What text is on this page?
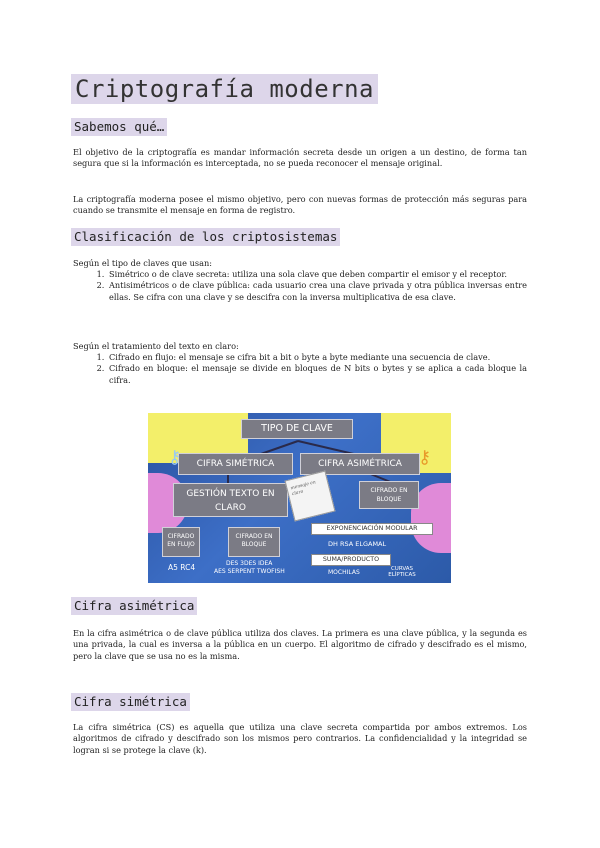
Criptografía moderna
Sabemos qué…

El objetivo de la criptografía es mandar información secreta desde un origen a un destino, de forma tan segura que si la información es interceptada, no se pueda reconocer el mensaje original.

La criptografía moderna posee el mismo objetivo, pero con nuevas formas de protección más seguras para cuando se transmite el mensaje en forma de registro.

Clasificación de los criptosistemas

Según el tipo de claves que usan:

1. Simétrico o de clave secreta: utiliza una sola clave que deben compartir el emisor y el receptor.
2. Antisimétricos o de clave pública: cada usuario crea una clave privada y otra pública inversas entre ellas. Se cifra con una clave y se descifra con la inversa multiplicativa de esa clave.

Según el tratamiento del texto en claro:

1. Cifrado en flujo: el mensaje se cifra bit a bit o byte a byte mediante una secuencia de clave.
2. Cifrado en bloque: el mensaje se divide en bloques de N bits o bytes y se aplica a cada bloque la cifra.
TIPO DE CLAVE
CIFRA SIMÉTRICA	CIFRA ASIMÉTRICA
⚷	⚷
GESTIÓN TEXTO EN CLARO
mensaje en claro	CIFRADO EN BLOQUE
CIFRADO EN FLUJO
CIFRADO EN BLOQUE
A5 RC4	DES 3DES IDEA
AES SERPENT TWOFISH
EXPONENCIACIÓN MODULAR
DH RSA ELGAMAL
SUMA/PRODUCTO
MOCHILAS	CURVAS ELÍPTICAS
Cifra asimétrica

En la cifra asimétrica o de clave pública utiliza dos claves. La primera es una clave pública, y la segunda es una privada, la cual es inversa a la pública en un cuerpo. El algoritmo de cifrado y descifrado es el mismo, pero la clave que se usa no es la misma.

Cifra simétrica

La cifra simétrica (CS) es aquella que utiliza una clave secreta compartida por ambos extremos. Los algoritmos de cifrado y descifrado son los mismos pero contrarios. La confidencialidad y la integridad se logran si se protege la clave (k).
